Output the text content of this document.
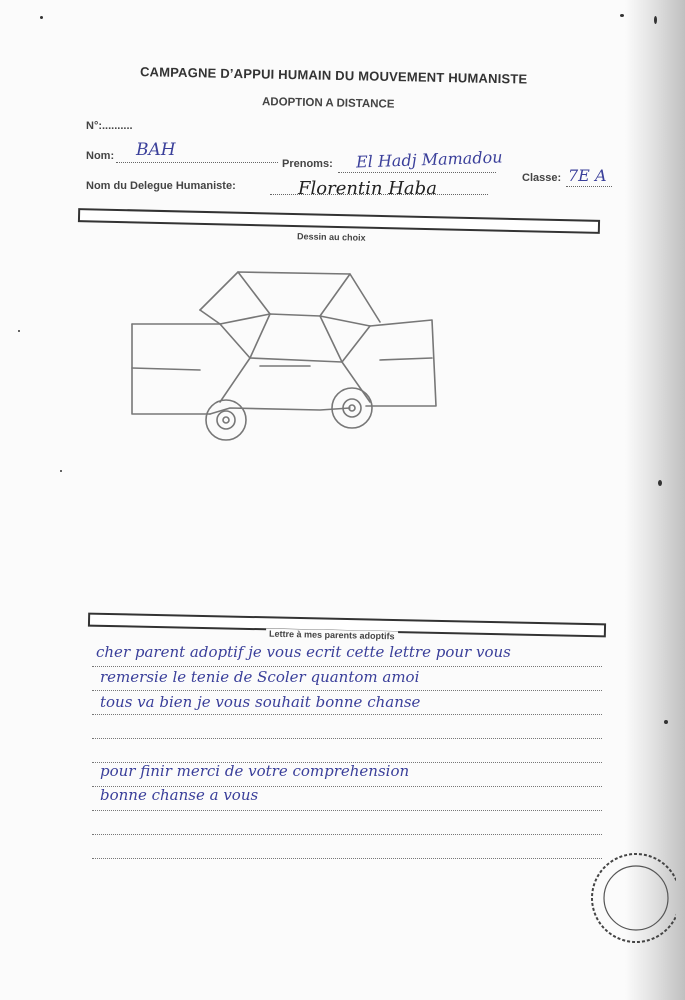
CAMPAGNE D’APPUI HUMAIN DU MOUVEMENT HUMANISTE
ADOPTION A DISTANCE
N°:..........
Nom: BAH
Prenoms: El Hadj Mamadou
Classe: 7E A
Nom du Delegue Humaniste:	Florentin Haba
Dessin au choix
Lettre à mes parents adoptifs
cher parent adoptif je vous ecrit cette lettre pour vous
remersie le tenie de Scoler quantom amoi
tous va bien je vous souhait bonne chanse
pour finir merci de votre comprehension
bonne chanse a vous
